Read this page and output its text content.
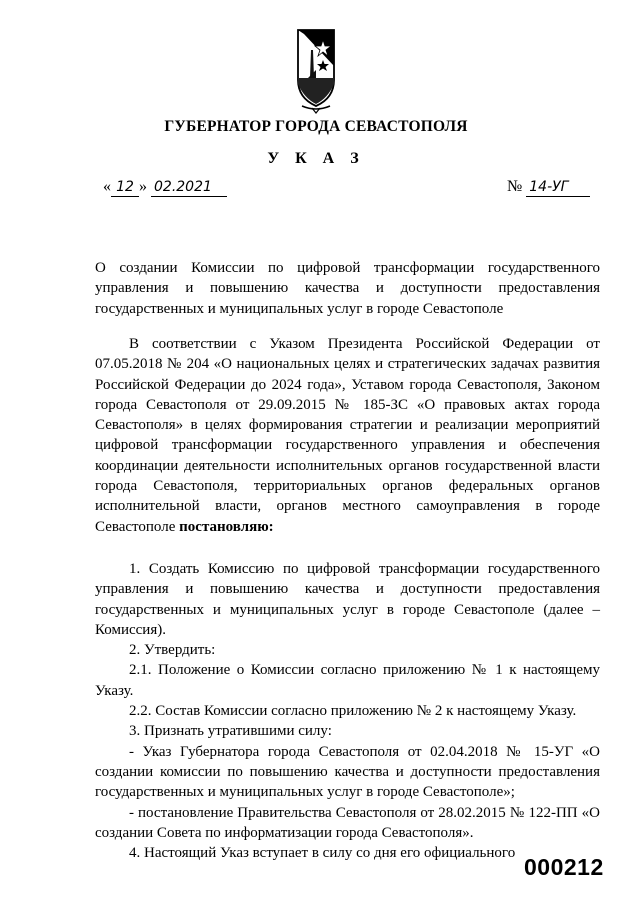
ГУБЕРНАТОР ГОРОДА СЕВАСТОПОЛЯ
У К А З
« 12 » 02.2021	№ 14-УГ

О создании Комиссии по цифровой трансформации государственного управления и повышению качества и доступности предоставления государственных и муниципальных услуг в городе Севастополе

В соответствии с Указом Президента Российской Федерации от 07.05.2018 № 204 «О национальных целях и стратегических задачах развития Российской Федерации до 2024 года», Уставом города Севастополя, Законом города Севастополя от 29.09.2015 № 185-ЗС «О правовых актах города Севастополя» в целях формирования стратегии и реализации мероприятий цифровой трансформации государственного управления и обеспечения координации деятельности исполнительных органов государственной власти города Севастополя, территориальных органов федеральных органов исполнительной власти, органов местного самоуправления в городе Севастополе постановляю:

1. Создать Комиссию по цифровой трансформации государственного управления и повышению качества и доступности предоставления государственных и муниципальных услуг в городе Севастополе (далее – Комиссия).

2. Утвердить:

2.1. Положение о Комиссии согласно приложению № 1 к настоящему Указу.

2.2. Состав Комиссии согласно приложению № 2 к настоящему Указу.

3. Признать утратившими силу:

- Указ Губернатора города Севастополя от 02.04.2018 № 15-УГ «О создании комиссии по повышению качества и доступности предоставления государственных и муниципальных услуг в городе Севастополе»;

- постановление Правительства Севастополя от 28.02.2015 № 122-ПП «О создании Совета по информатизации города Севастополя».

4. Настоящий Указ вступает в силу со дня его официального

000212
